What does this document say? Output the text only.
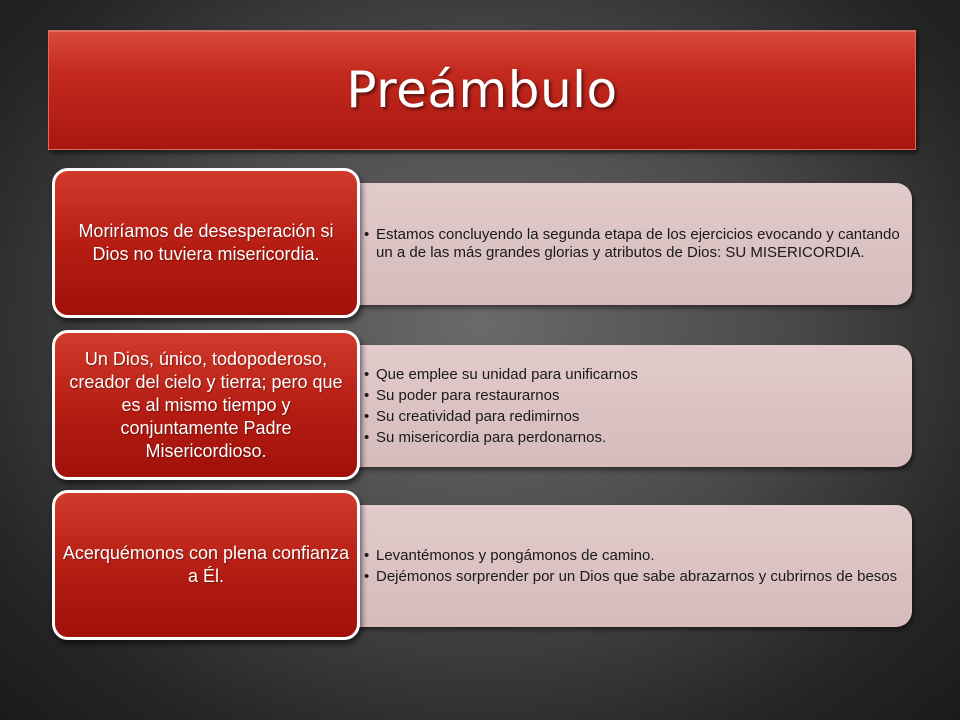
Preámbulo
• Estamos concluyendo la segunda etapa de los ejercicios evocando y cantando un a de las más grandes glorias y atributos de Dios: SU MISERICORDIA.
Moriríamos de desesperación si Dios no tuviera misericordia.
• Que emplee su unidad para unificarnos
• Su poder para restaurarnos
• Su creatividad para redimirnos
• Su misericordia para perdonarnos.
Un Dios, único, todopoderoso, creador del cielo y tierra; pero que es al mismo tiempo y conjuntamente Padre Misericordioso.
• Levantémonos y pongámonos de camino.
• Dejémonos sorprender por un Dios que sabe abrazarnos y cubrirnos de besos
Acerquémonos con plena confianza a Él.
